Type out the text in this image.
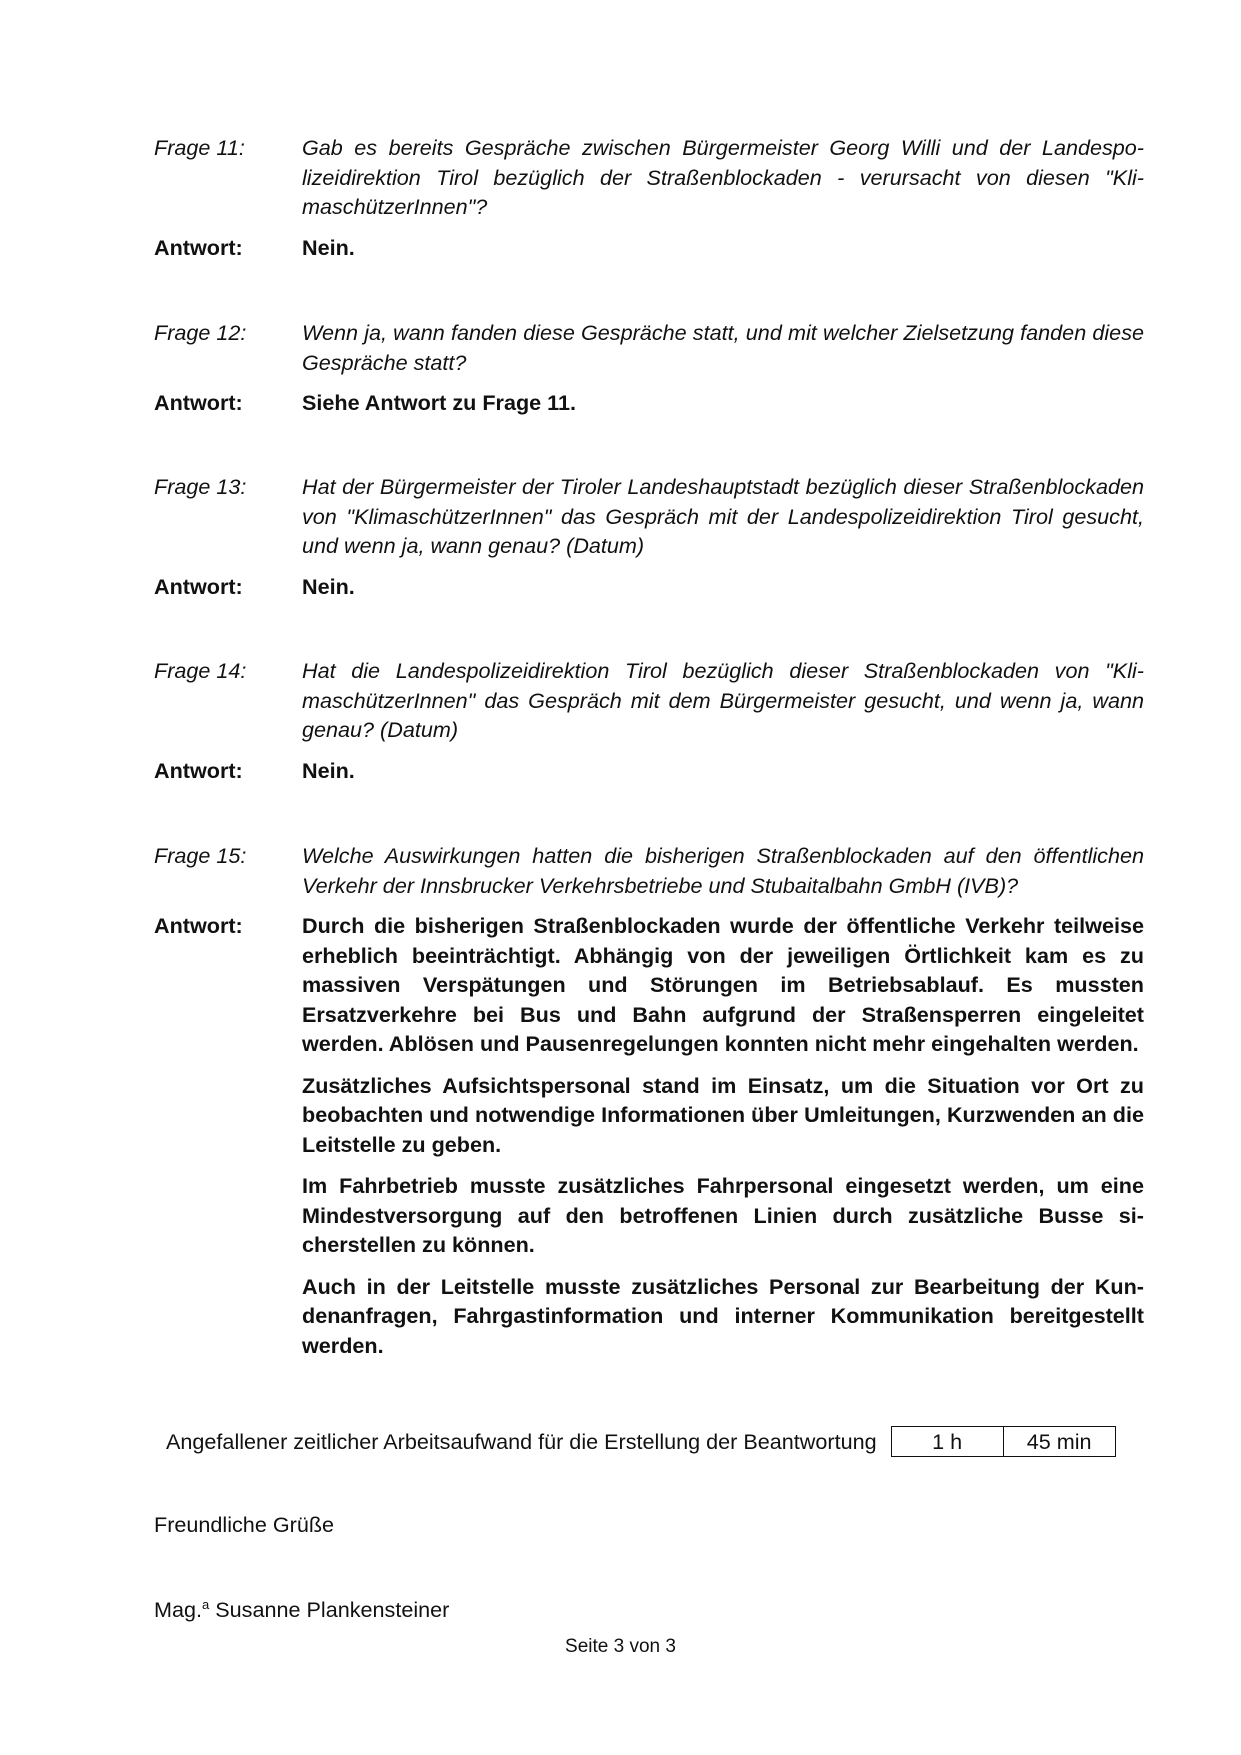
Frage 11:	Gab es bereits Gespräche zwischen Bürgermeister Georg Willi und der Landespolizeidirektion Tirol bezüglich der Straßenblockaden - verursacht von diesen "KlimaschützerInnen"?
Antwort:	Nein.

Frage 12:	Wenn ja, wann fanden diese Gespräche statt, und mit welcher Zielsetzung fanden diese Gespräche statt?
Antwort:	Siehe Antwort zu Frage 11.

Frage 13:	Hat der Bürgermeister der Tiroler Landeshauptstadt bezüglich dieser Straßenblockaden von "KlimaschützerInnen" das Gespräch mit der Landespolizeidirektion Tirol gesucht, und wenn ja, wann genau? (Datum)
Antwort:	Nein.

Frage 14:	Hat die Landespolizeidirektion Tirol bezüglich dieser Straßenblockaden von "KlimaschützerInnen" das Gespräch mit dem Bürgermeister gesucht, und wenn ja, wann genau? (Datum)
Antwort:	Nein.

Frage 15:	Welche Auswirkungen hatten die bisherigen Straßenblockaden auf den öffentlichen Verkehr der Innsbrucker Verkehrsbetriebe und Stubaitalbahn GmbH (IVB)?
Antwort:	Durch die bisherigen Straßenblockaden wurde der öffentliche Verkehr teilweise erheblich beeinträchtigt. Abhängig von der jeweiligen Örtlichkeit kam es zu massiven Verspätungen und Störungen im Betriebsablauf. Es mussten Ersatzverkehre bei Bus und Bahn aufgrund der Straßensperren eingeleitet werden. Ablösen und Pausenregelungen konnten nicht mehr eingehalten werden.

Zusätzliches Aufsichtspersonal stand im Einsatz, um die Situation vor Ort zu beobachten und notwendige Informationen über Umleitungen, Kurzwenden an die Leitstelle zu geben.

Im Fahrbetrieb musste zusätzliches Fahrpersonal eingesetzt werden, um eine Mindestversorgung auf den betroffenen Linien durch zusätzliche Busse sicherstellen zu können.

Auch in der Leitstelle musste zusätzliches Personal zur Bearbeitung der Kundenanfragen, Fahrgastinformation und interner Kommunikation bereitgestellt werden.

Angefallener zeitlicher Arbeitsaufwand für die Erstellung der Beantwortung	1 h	45 min
Freundliche Grüße
Mag.$^a$ Susanne Plankensteiner
Seite 3 von 3
